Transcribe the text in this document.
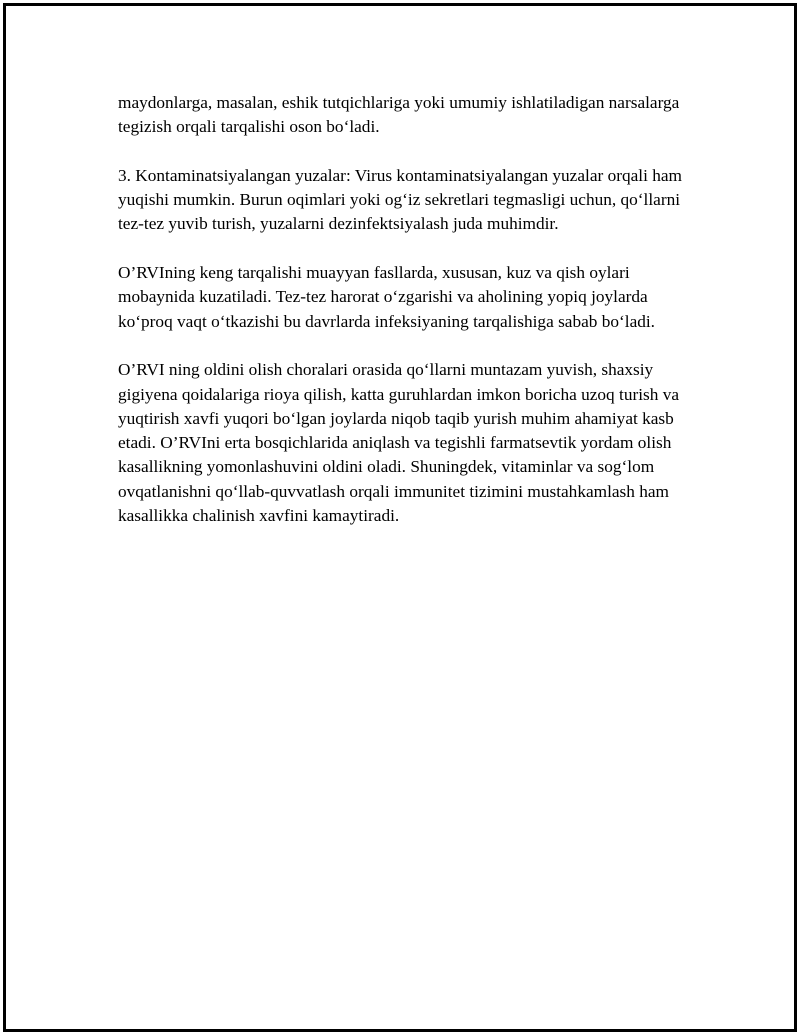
maydonlarga, masalan, eshik tutqichlariga yoki umumiy ishlatiladigan narsalarga tegizish orqali tarqalishi oson bo‘ladi.

3. Kontaminatsiyalangan yuzalar: Virus kontaminatsiyalangan yuzalar orqali ham yuqishi mumkin. Burun oqimlari yoki og‘iz sekretlari tegmasligi uchun, qo‘llarni tez-tez yuvib turish, yuzalarni dezinfektsiyalash juda muhimdir.

O’RVIning keng tarqalishi muayyan fasllarda, xususan, kuz va qish oylari mobaynida kuzatiladi. Tez-tez harorat o‘zgarishi va aholining yopiq joylarda ko‘proq vaqt o‘tkazishi bu davrlarda infeksiyaning tarqalishiga sabab bo‘ladi.

O’RVI ning oldini olish choralari orasida qo‘llarni muntazam yuvish, shaxsiy gigiyena qoidalariga rioya qilish, katta guruhlardan imkon boricha uzoq turish va yuqtirish xavfi yuqori bo‘lgan joylarda niqob taqib yurish muhim ahamiyat kasb etadi. O’RVIni erta bosqichlarida aniqlash va tegishli farmatsevtik yordam olish kasallikning yomonlashuvini oldini oladi. Shuningdek, vitaminlar va sog‘lom ovqatlanishni qo‘llab-quvvatlash orqali immunitet tizimini mustahkamlash ham kasallikka chalinish xavfini kamaytiradi.
